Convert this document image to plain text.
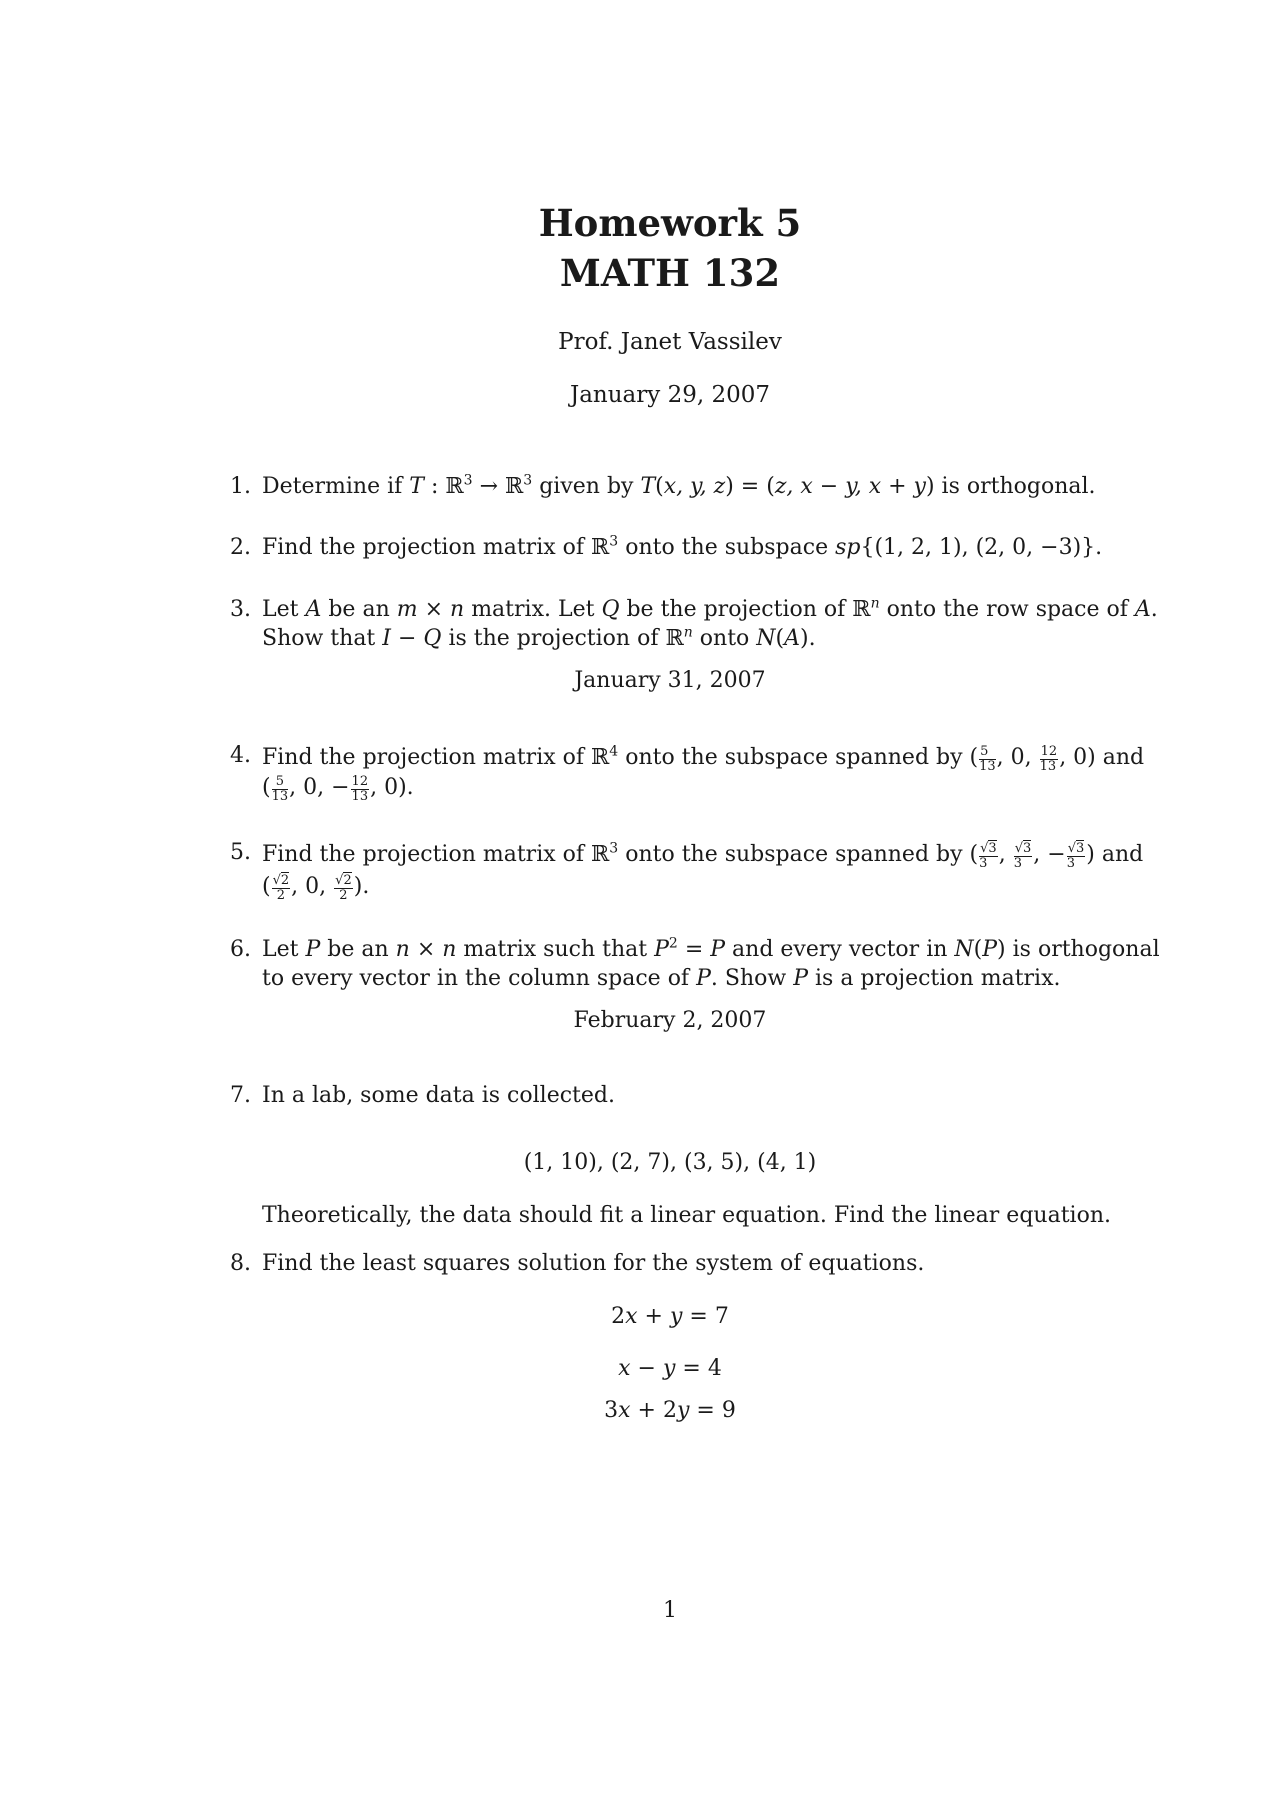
Homework 5
MATH 132
Prof. Janet Vassilev
January 29, 2007
1. Determine if T : ℝ$^3$ → ℝ$^3$ given by T(x, y, z) = (z, x − y, x + y) is orthogonal.
2. Find the projection matrix of ℝ$^3$ onto the subspace sp{(1, 2, 1), (2, 0, −3)}.
3. Let A be an m × n matrix. Let Q be the projection of ℝ$^n$ onto the row space of A.
Show that I − Q is the projection of ℝ$^n$ onto N(A).
January 31, 2007
4. Find the projection matrix of ℝ$^4$ onto the subspace spanned by ( $\frac{5}{13}$ , 0, $\frac{12}{13}$ , 0) and
( $\frac{5}{13}$ , 0, − $\frac{12}{13}$ , 0).
5. Find the projection matrix of ℝ$^3$ onto the subspace spanned by ( $\frac{√3}{3}$ , $\frac{√3}{3}$ , − $\frac{√3}{3}$ ) and
( $\frac{√2}{2}$ , 0, $\frac{√2}{2}$ ).
6. Let P be an n × n matrix such that $P^2 = P$ and every vector in N(P) is orthogonal
to every vector in the column space of P. Show P is a projection matrix.
February 2, 2007
7. In a lab, some data is collected.
(1, 10), (2, 7), (3, 5), (4, 1)
Theoretically, the data should fit a linear equation. Find the linear equation.
8. Find the least squares solution for the system of equations.
2x + y = 7
x − y = 4
3x + 2y = 9
1
